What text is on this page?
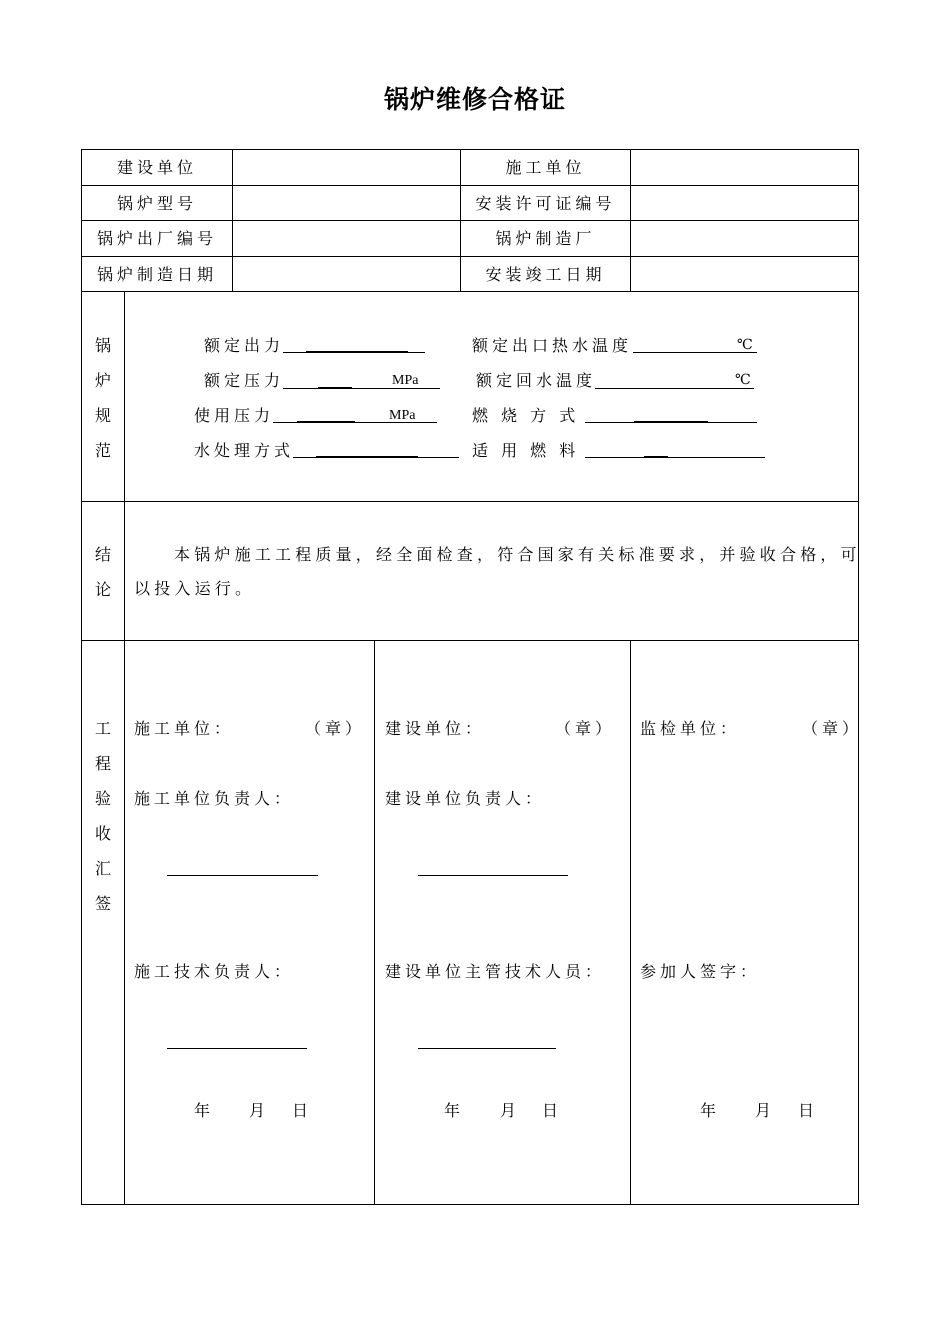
锅炉维修合格证
建设单位	施工单位
锅炉型号	安装许可证编号
锅炉出厂编号	锅炉制造厂
锅炉制造日期	安装竣工日期
锅
炉
规
范
额定出力	额定出口热水温度	℃
额定压力	MPa	额定回水温度	℃
使用压力	MPa	燃 烧 方 式
水处理方式	适 用 燃 料
结
论
本锅炉施工工程质量，经全面检查，符合国家有关标准要求，并验收合格，可
以投入运行。
工
程
验
收
汇
签
施工单位：	（章）
施工单位负责人：
施工技术负责人：
年 月 日
建设单位：	（章）
建设单位负责人：
建设单位主管技术人员：
年 月 日
监检单位：	（章）
参加人签字：
年 月 日
